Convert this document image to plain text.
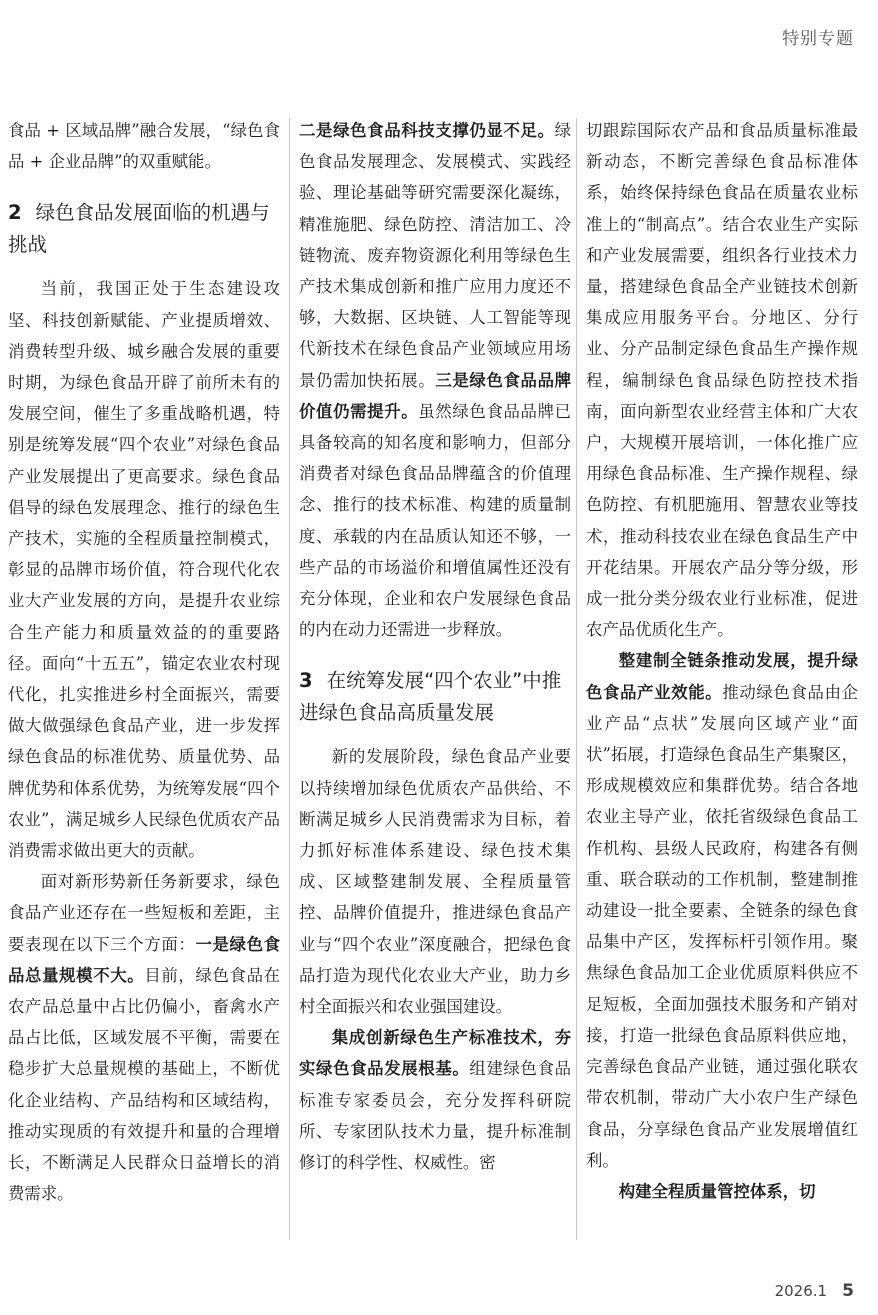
特别专题

食品 + 区域品牌”融合发展，“绿色食品 + 企业品牌”的双重赋能。

2 绿色食品发展面临的机遇与挑战

当前，我国正处于生态建设攻坚、科技创新赋能、产业提质增效、消费转型升级、城乡融合发展的重要时期，为绿色食品开辟了前所未有的发展空间，催生了多重战略机遇，特别是统筹发展“四个农业”对绿色食品产业发展提出了更高要求。绿色食品倡导的绿色发展理念、推行的绿色生产技术，实施的全程质量控制模式，彰显的品牌市场价值，符合现代化农业大产业发展的方向，是提升农业综合生产能力和质量效益的的重要路径。面向“十五五”，锚定农业农村现代化，扎实推进乡村全面振兴，需要做大做强绿色食品产业，进一步发挥绿色食品的标准优势、质量优势、品牌优势和体系优势，为统筹发展“四个农业”，满足城乡人民绿色优质农产品消费需求做出更大的贡献。

面对新形势新任务新要求，绿色食品产业还存在一些短板和差距，主要表现在以下三个方面：一是绿色食品总量规模不大。目前，绿色食品在农产品总量中占比仍偏小，畜禽水产品占比低，区域发展不平衡，需要在稳步扩大总量规模的基础上，不断优化企业结构、产品结构和区域结构，推动实现质的有效提升和量的合理增长，不断满足人民群众日益增长的消费需求。

二是绿色食品科技支撑仍显不足。绿色食品发展理念、发展模式、实践经验、理论基础等研究需要深化凝练，精准施肥、绿色防控、清洁加工、冷链物流、废弃物资源化利用等绿色生产技术集成创新和推广应用力度还不够，大数据、区块链、人工智能等现代新技术在绿色食品产业领域应用场景仍需加快拓展。三是绿色食品品牌价值仍需提升。虽然绿色食品品牌已具备较高的知名度和影响力，但部分消费者对绿色食品品牌蕴含的价值理念、推行的技术标准、构建的质量制度、承载的内在品质认知还不够，一些产品的市场溢价和增值属性还没有充分体现，企业和农户发展绿色食品的内在动力还需进一步释放。

3 在统筹发展“四个农业”中推进绿色食品高质量发展

新的发展阶段，绿色食品产业要以持续增加绿色优质农产品供给、不断满足城乡人民消费需求为目标，着力抓好标准体系建设、绿色技术集成、区域整建制发展、全程质量管控、品牌价值提升，推进绿色食品产业与“四个农业”深度融合，把绿色食品打造为现代化农业大产业，助力乡村全面振兴和农业强国建设。

集成创新绿色生产标准技术，夯实绿色食品发展根基。组建绿色食品标准专家委员会，充分发挥科研院所、专家团队技术力量，提升标准制修订的科学性、权威性。密

切跟踪国际农产品和食品质量标准最新动态，不断完善绿色食品标准体系，始终保持绿色食品在质量农业标准上的“制高点”。结合农业生产实际和产业发展需要，组织各行业技术力量，搭建绿色食品全产业链技术创新集成应用服务平台。分地区、分行业、分产品制定绿色食品生产操作规程，编制绿色食品绿色防控技术指南，面向新型农业经营主体和广大农户，大规模开展培训，一体化推广应用绿色食品标准、生产操作规程、绿色防控、有机肥施用、智慧农业等技术，推动科技农业在绿色食品生产中开花结果。开展农产品分等分级，形成一批分类分级农业行业标准，促进农产品优质化生产。

整建制全链条推动发展，提升绿色食品产业效能。推动绿色食品由企业产品“点状”发展向区域产业“面状”拓展，打造绿色食品生产集聚区，形成规模效应和集群优势。结合各地农业主导产业，依托省级绿色食品工作机构、县级人民政府，构建各有侧重、联合联动的工作机制，整建制推动建设一批全要素、全链条的绿色食品集中产区，发挥标杆引领作用。聚焦绿色食品加工企业优质原料供应不足短板，全面加强技术服务和产销对接，打造一批绿色食品原料供应地，完善绿色食品产业链，通过强化联农带农机制，带动广大小农户生产绿色食品，分享绿色食品产业发展增值红利。

构建全程质量管控体系，切

2026.1 5
